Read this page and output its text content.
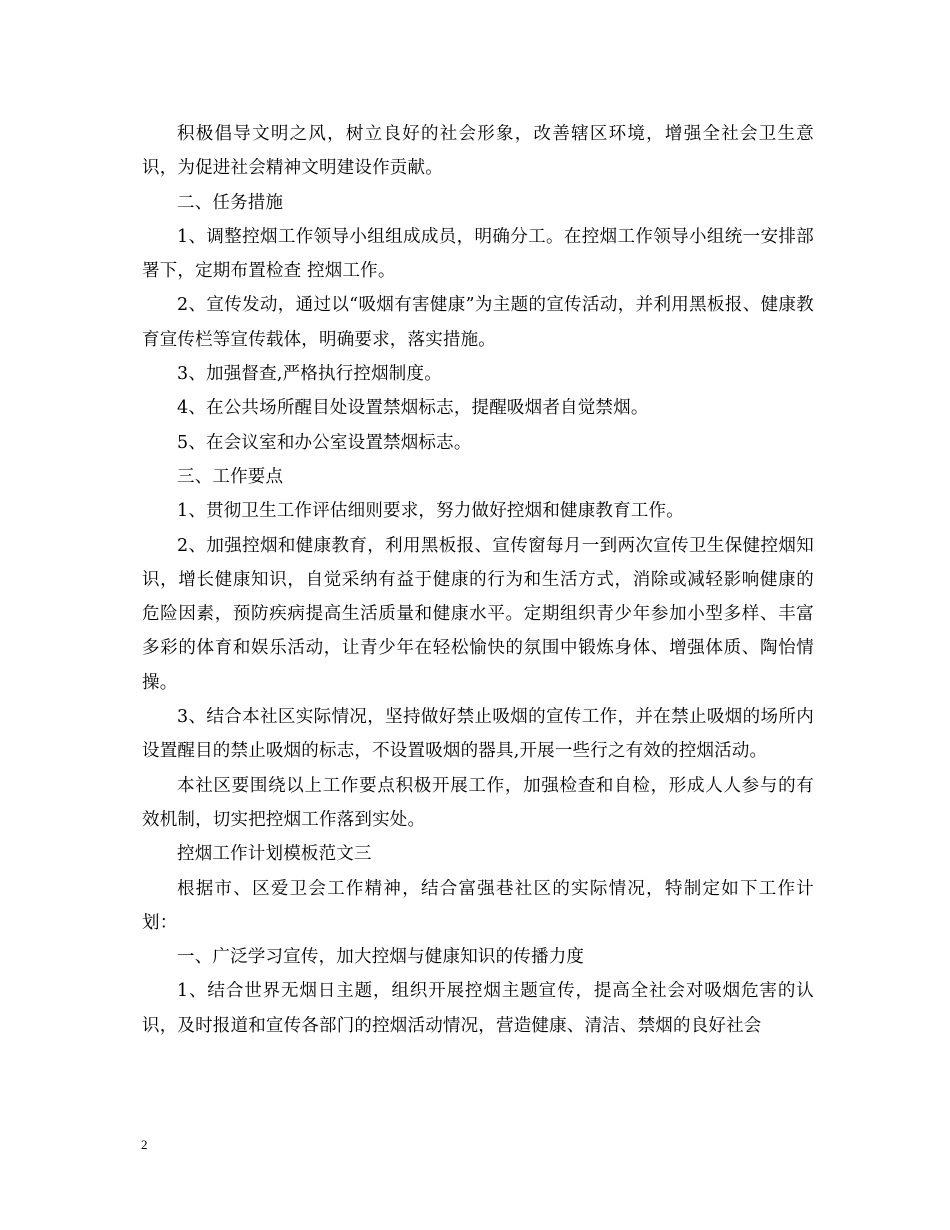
积极倡导文明之风，树立良好的社会形象，改善辖区环境，增强全社会卫生意识，为促进社会精神文明建设作贡献。

二、任务措施

1、调整控烟工作领导小组组成成员，明确分工。在控烟工作领导小组统一安排部署下，定期布置检查 控烟工作。

2、宣传发动，通过以“吸烟有害健康”为主题的宣传活动，并利用黑板报、健康教育宣传栏等宣传载体，明确要求，落实措施。

3、加强督查,严格执行控烟制度。

4、在公共场所醒目处设置禁烟标志，提醒吸烟者自觉禁烟。

5、在会议室和办公室设置禁烟标志。

三、工作要点

1、贯彻卫生工作评估细则要求，努力做好控烟和健康教育工作。

2、加强控烟和健康教育，利用黑板报、宣传窗每月一到两次宣传卫生保健控烟知识，增长健康知识，自觉采纳有益于健康的行为和生活方式，消除或减轻影响健康的危险因素，预防疾病提高生活质量和健康水平。定期组织青少年参加小型多样、丰富多彩的体育和娱乐活动，让青少年在轻松愉快的氛围中锻炼身体、增强体质、陶怡情操。

3、结合本社区实际情况，坚持做好禁止吸烟的宣传工作，并在禁止吸烟的场所内设置醒目的禁止吸烟的标志，不设置吸烟的器具,开展一些行之有效的控烟活动。

本社区要围绕以上工作要点积极开展工作，加强检查和自检，形成人人参与的有效机制，切实把控烟工作落到实处。

控烟工作计划模板范文三

根据市、区爱卫会工作精神，结合富强巷社区的实际情况，特制定如下工作计划：

一、广泛学习宣传，加大控烟与健康知识的传播力度

1、结合世界无烟日主题，组织开展控烟主题宣传，提高全社会对吸烟危害的认识，及时报道和宣传各部门的控烟活动情况，营造健康、清洁、禁烟的良好社会

2
